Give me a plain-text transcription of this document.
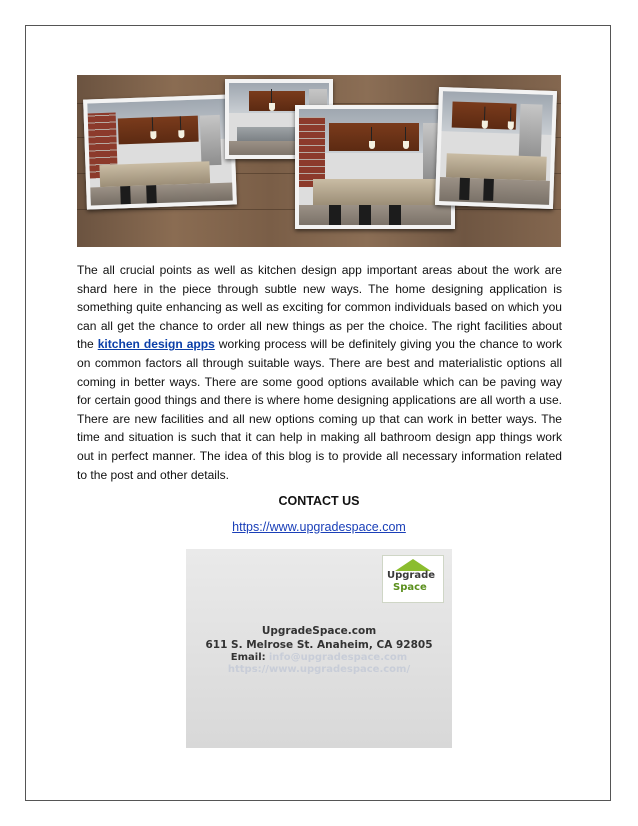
The all crucial points as well as kitchen design app important areas about the work are shard here in the piece through subtle new ways. The home designing application is something quite enhancing as well as exciting for common individuals based on which you can all get the chance to order all new things as per the choice. The right facilities about the kitchen design apps working process will be definitely giving you the chance to work on common factors all through suitable ways. There are best and materialistic options all coming in better ways. There are some good options available which can be paving way for certain good things and there is where home designing applications are all worth a use. There are new facilities and all new options coming up that can work in better ways. The time and situation is such that it can help in making all bathroom design app things work out in perfect manner. The idea of this blog is to provide all necessary information related to the post and other details.

CONTACT US

https://www.upgradespace.com
Upgrade
Space
UpgradeSpace.com
611 S. Melrose St. Anaheim, CA 92805
Email: info@upgradespace.com
https://www.upgradespace.com/
